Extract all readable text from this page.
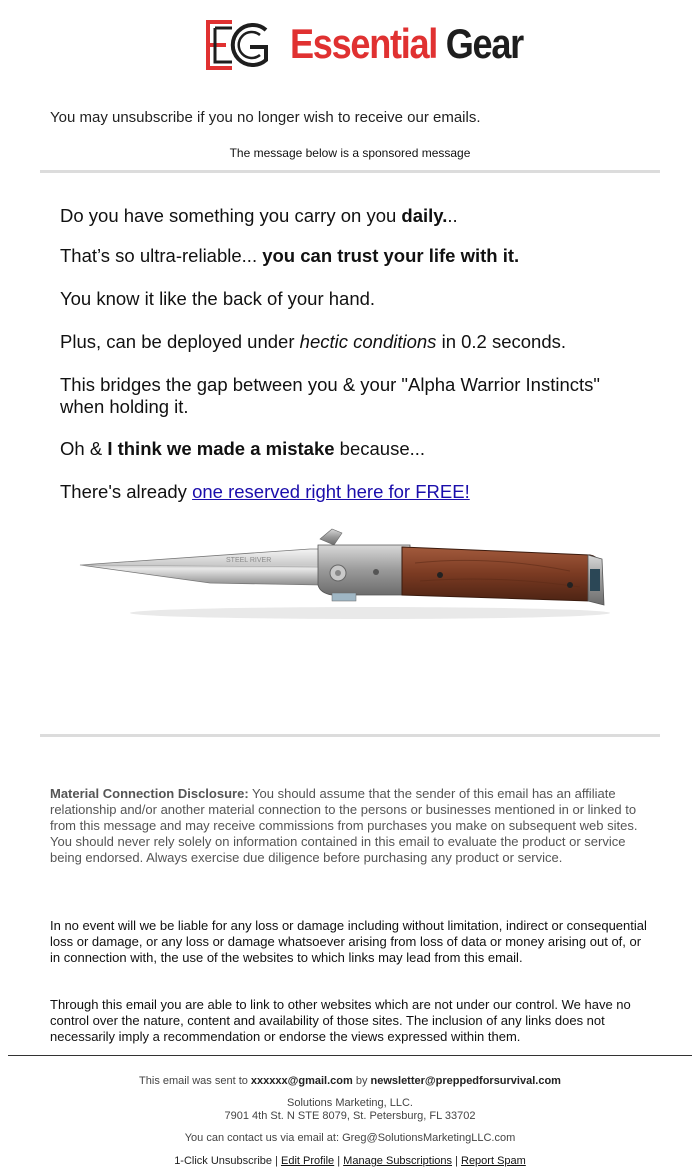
Essential Gear
You may unsubscribe if you no longer wish to receive our emails.
The message below is a sponsored message
Do you have something you carry on you daily...
That’s so ultra-reliable... you can trust your life with it.
You know it like the back of your hand.
Plus, can be deployed under hectic conditions in 0.2 seconds.
This bridges the gap between you & your "Alpha Warrior Instincts" when holding it.
Oh & I think we made a mistake because...
There's already one reserved right here for FREE!
STEEL RIVER
Material Connection Disclosure: You should assume that the sender of this email has an affiliate relationship and/or another material connection to the persons or businesses mentioned in or linked to from this message and may receive commissions from purchases you make on subsequent web sites. You should never rely solely on information contained in this email to evaluate the product or service being endorsed. Always exercise due diligence before purchasing any product or service.
In no event will we be liable for any loss or damage including without limitation, indirect or consequential loss or damage, or any loss or damage whatsoever arising from loss of data or money arising out of, or in connection with, the use of the websites to which links may lead from this email.
Through this email you are able to link to other websites which are not under our control. We have no control over the nature, content and availability of those sites. The inclusion of any links does not necessarily imply a recommendation or endorse the views expressed within them.
This email was sent to xxxxxx@gmail.com by newsletter@preppedforsurvival.com
Solutions Marketing, LLC.
7901 4th St. N STE 8079, St. Petersburg, FL 33702
You can contact us via email at: Greg@SolutionsMarketingLLC.com
1-Click Unsubscribe | Edit Profile | Manage Subscriptions | Report Spam
